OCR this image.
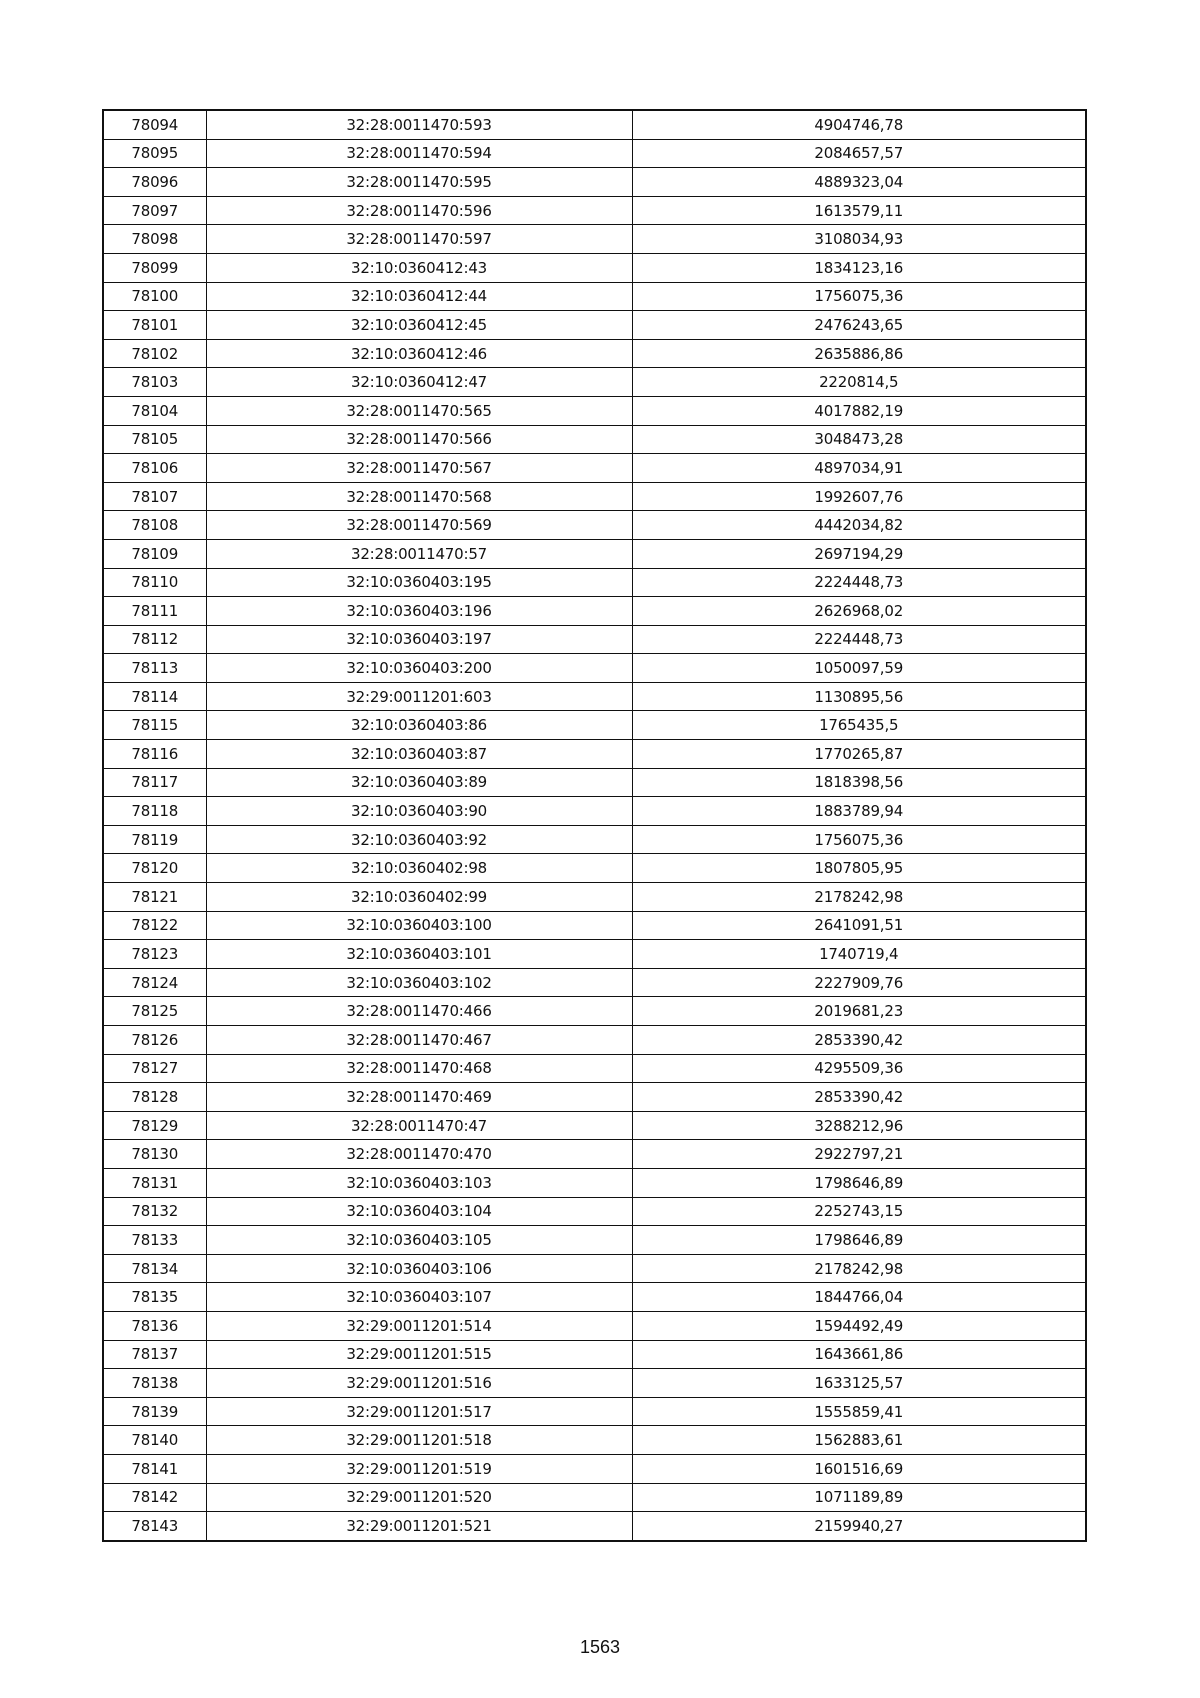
78094	32:28:0011470:593	4904746,78
78095	32:28:0011470:594	2084657,57
78096	32:28:0011470:595	4889323,04
78097	32:28:0011470:596	1613579,11
78098	32:28:0011470:597	3108034,93
78099	32:10:0360412:43	1834123,16
78100	32:10:0360412:44	1756075,36
78101	32:10:0360412:45	2476243,65
78102	32:10:0360412:46	2635886,86
78103	32:10:0360412:47	2220814,5
78104	32:28:0011470:565	4017882,19
78105	32:28:0011470:566	3048473,28
78106	32:28:0011470:567	4897034,91
78107	32:28:0011470:568	1992607,76
78108	32:28:0011470:569	4442034,82
78109	32:28:0011470:57	2697194,29
78110	32:10:0360403:195	2224448,73
78111	32:10:0360403:196	2626968,02
78112	32:10:0360403:197	2224448,73
78113	32:10:0360403:200	1050097,59
78114	32:29:0011201:603	1130895,56
78115	32:10:0360403:86	1765435,5
78116	32:10:0360403:87	1770265,87
78117	32:10:0360403:89	1818398,56
78118	32:10:0360403:90	1883789,94
78119	32:10:0360403:92	1756075,36
78120	32:10:0360402:98	1807805,95
78121	32:10:0360402:99	2178242,98
78122	32:10:0360403:100	2641091,51
78123	32:10:0360403:101	1740719,4
78124	32:10:0360403:102	2227909,76
78125	32:28:0011470:466	2019681,23
78126	32:28:0011470:467	2853390,42
78127	32:28:0011470:468	4295509,36
78128	32:28:0011470:469	2853390,42
78129	32:28:0011470:47	3288212,96
78130	32:28:0011470:470	2922797,21
78131	32:10:0360403:103	1798646,89
78132	32:10:0360403:104	2252743,15
78133	32:10:0360403:105	1798646,89
78134	32:10:0360403:106	2178242,98
78135	32:10:0360403:107	1844766,04
78136	32:29:0011201:514	1594492,49
78137	32:29:0011201:515	1643661,86
78138	32:29:0011201:516	1633125,57
78139	32:29:0011201:517	1555859,41
78140	32:29:0011201:518	1562883,61
78141	32:29:0011201:519	1601516,69
78142	32:29:0011201:520	1071189,89
78143	32:29:0011201:521	2159940,27
1563
